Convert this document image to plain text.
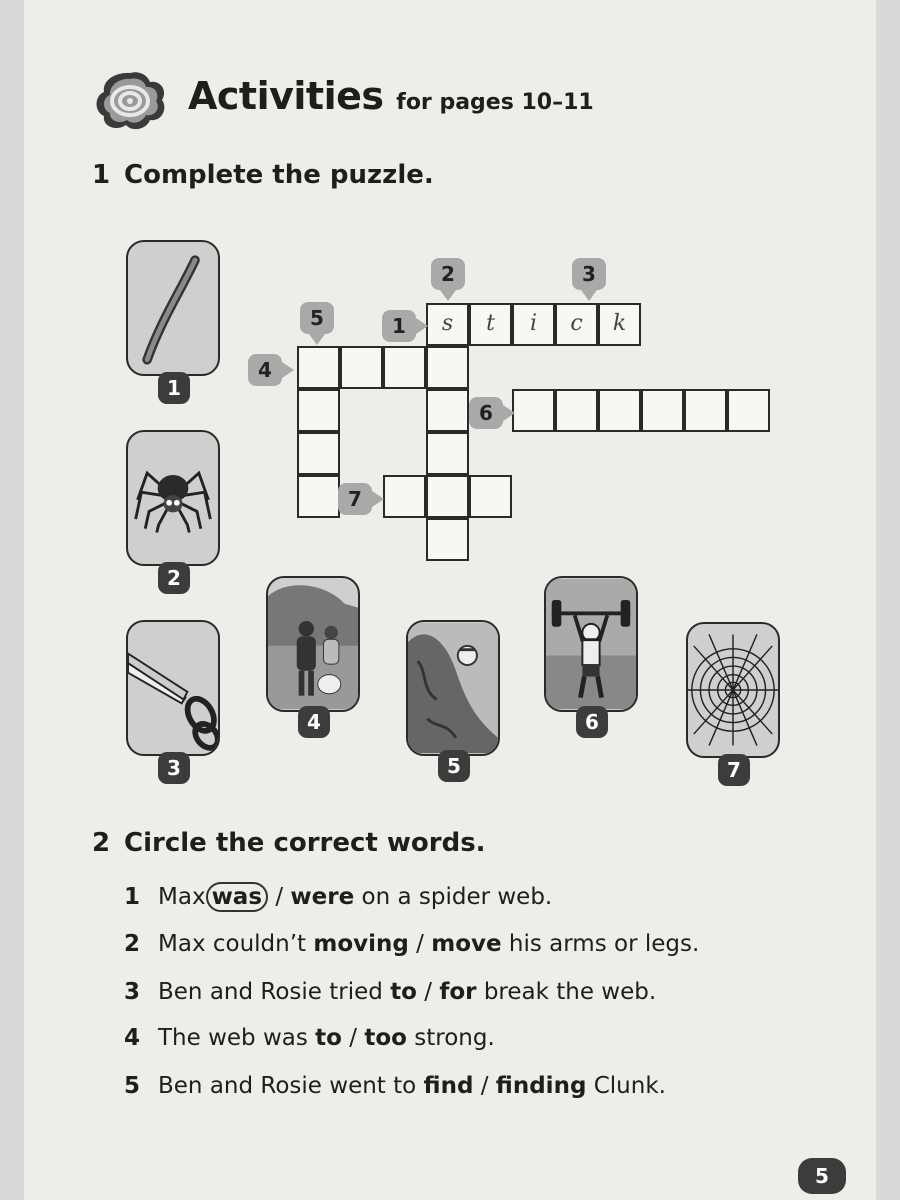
Activities for pages 10–11
1 Complete the puzzle.
1
2
3
4
5
6
7
s	t	i	c	k
1
2	3
4
5
6
7
2 Circle the correct words.
1 Max was / were on a spider web.
2 Max couldn’t moving / move his arms or legs.
3 Ben and Rosie tried to / for break the web.
4 The web was to / too strong.
5 Ben and Rosie went to find / finding Clunk.
5
